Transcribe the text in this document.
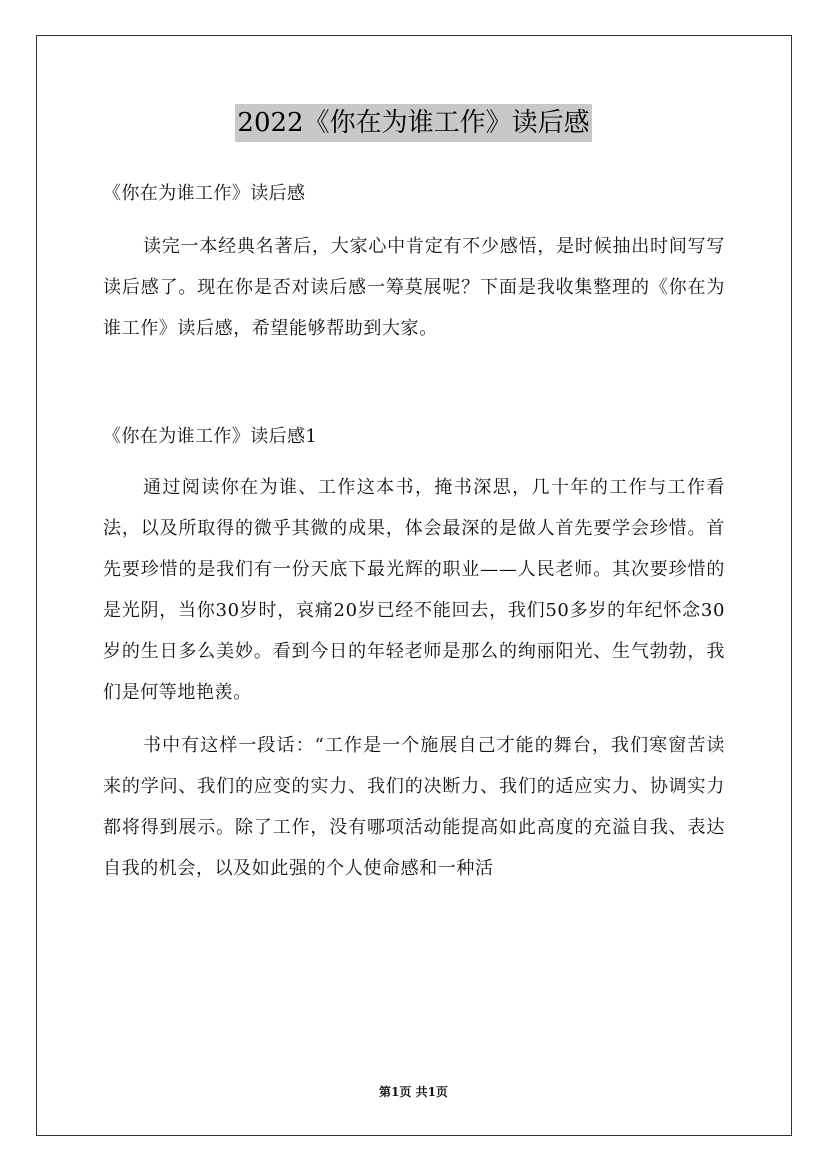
2022《你在为谁工作》读后感

《你在为谁工作》读后感

读完一本经典名著后，大家心中肯定有不少感悟，是时候抽出时间写写读后感了。现在你是否对读后感一筹莫展呢？下面是我收集整理的《你在为谁工作》读后感，希望能够帮助到大家。

《你在为谁工作》读后感1

通过阅读你在为谁、工作这本书，掩书深思，几十年的工作与工作看法，以及所取得的微乎其微的成果，体会最深的是做人首先要学会珍惜。首先要珍惜的是我们有一份天底下最光辉的职业——人民老师。其次要珍惜的是光阴，当你30岁时，哀痛20岁已经不能回去，我们50多岁的年纪怀念30岁的生日多么美妙。看到今日的年轻老师是那么的绚丽阳光、生气勃勃，我们是何等地艳羡。

书中有这样一段话：“工作是一个施展自己才能的舞台，我们寒窗苦读来的学问、我们的应变的实力、我们的决断力、我们的适应实力、协调实力都将得到展示。除了工作，没有哪项活动能提高如此高度的充溢自我、表达自我的机会，以及如此强的个人使命感和一种活

第1页 共1页
